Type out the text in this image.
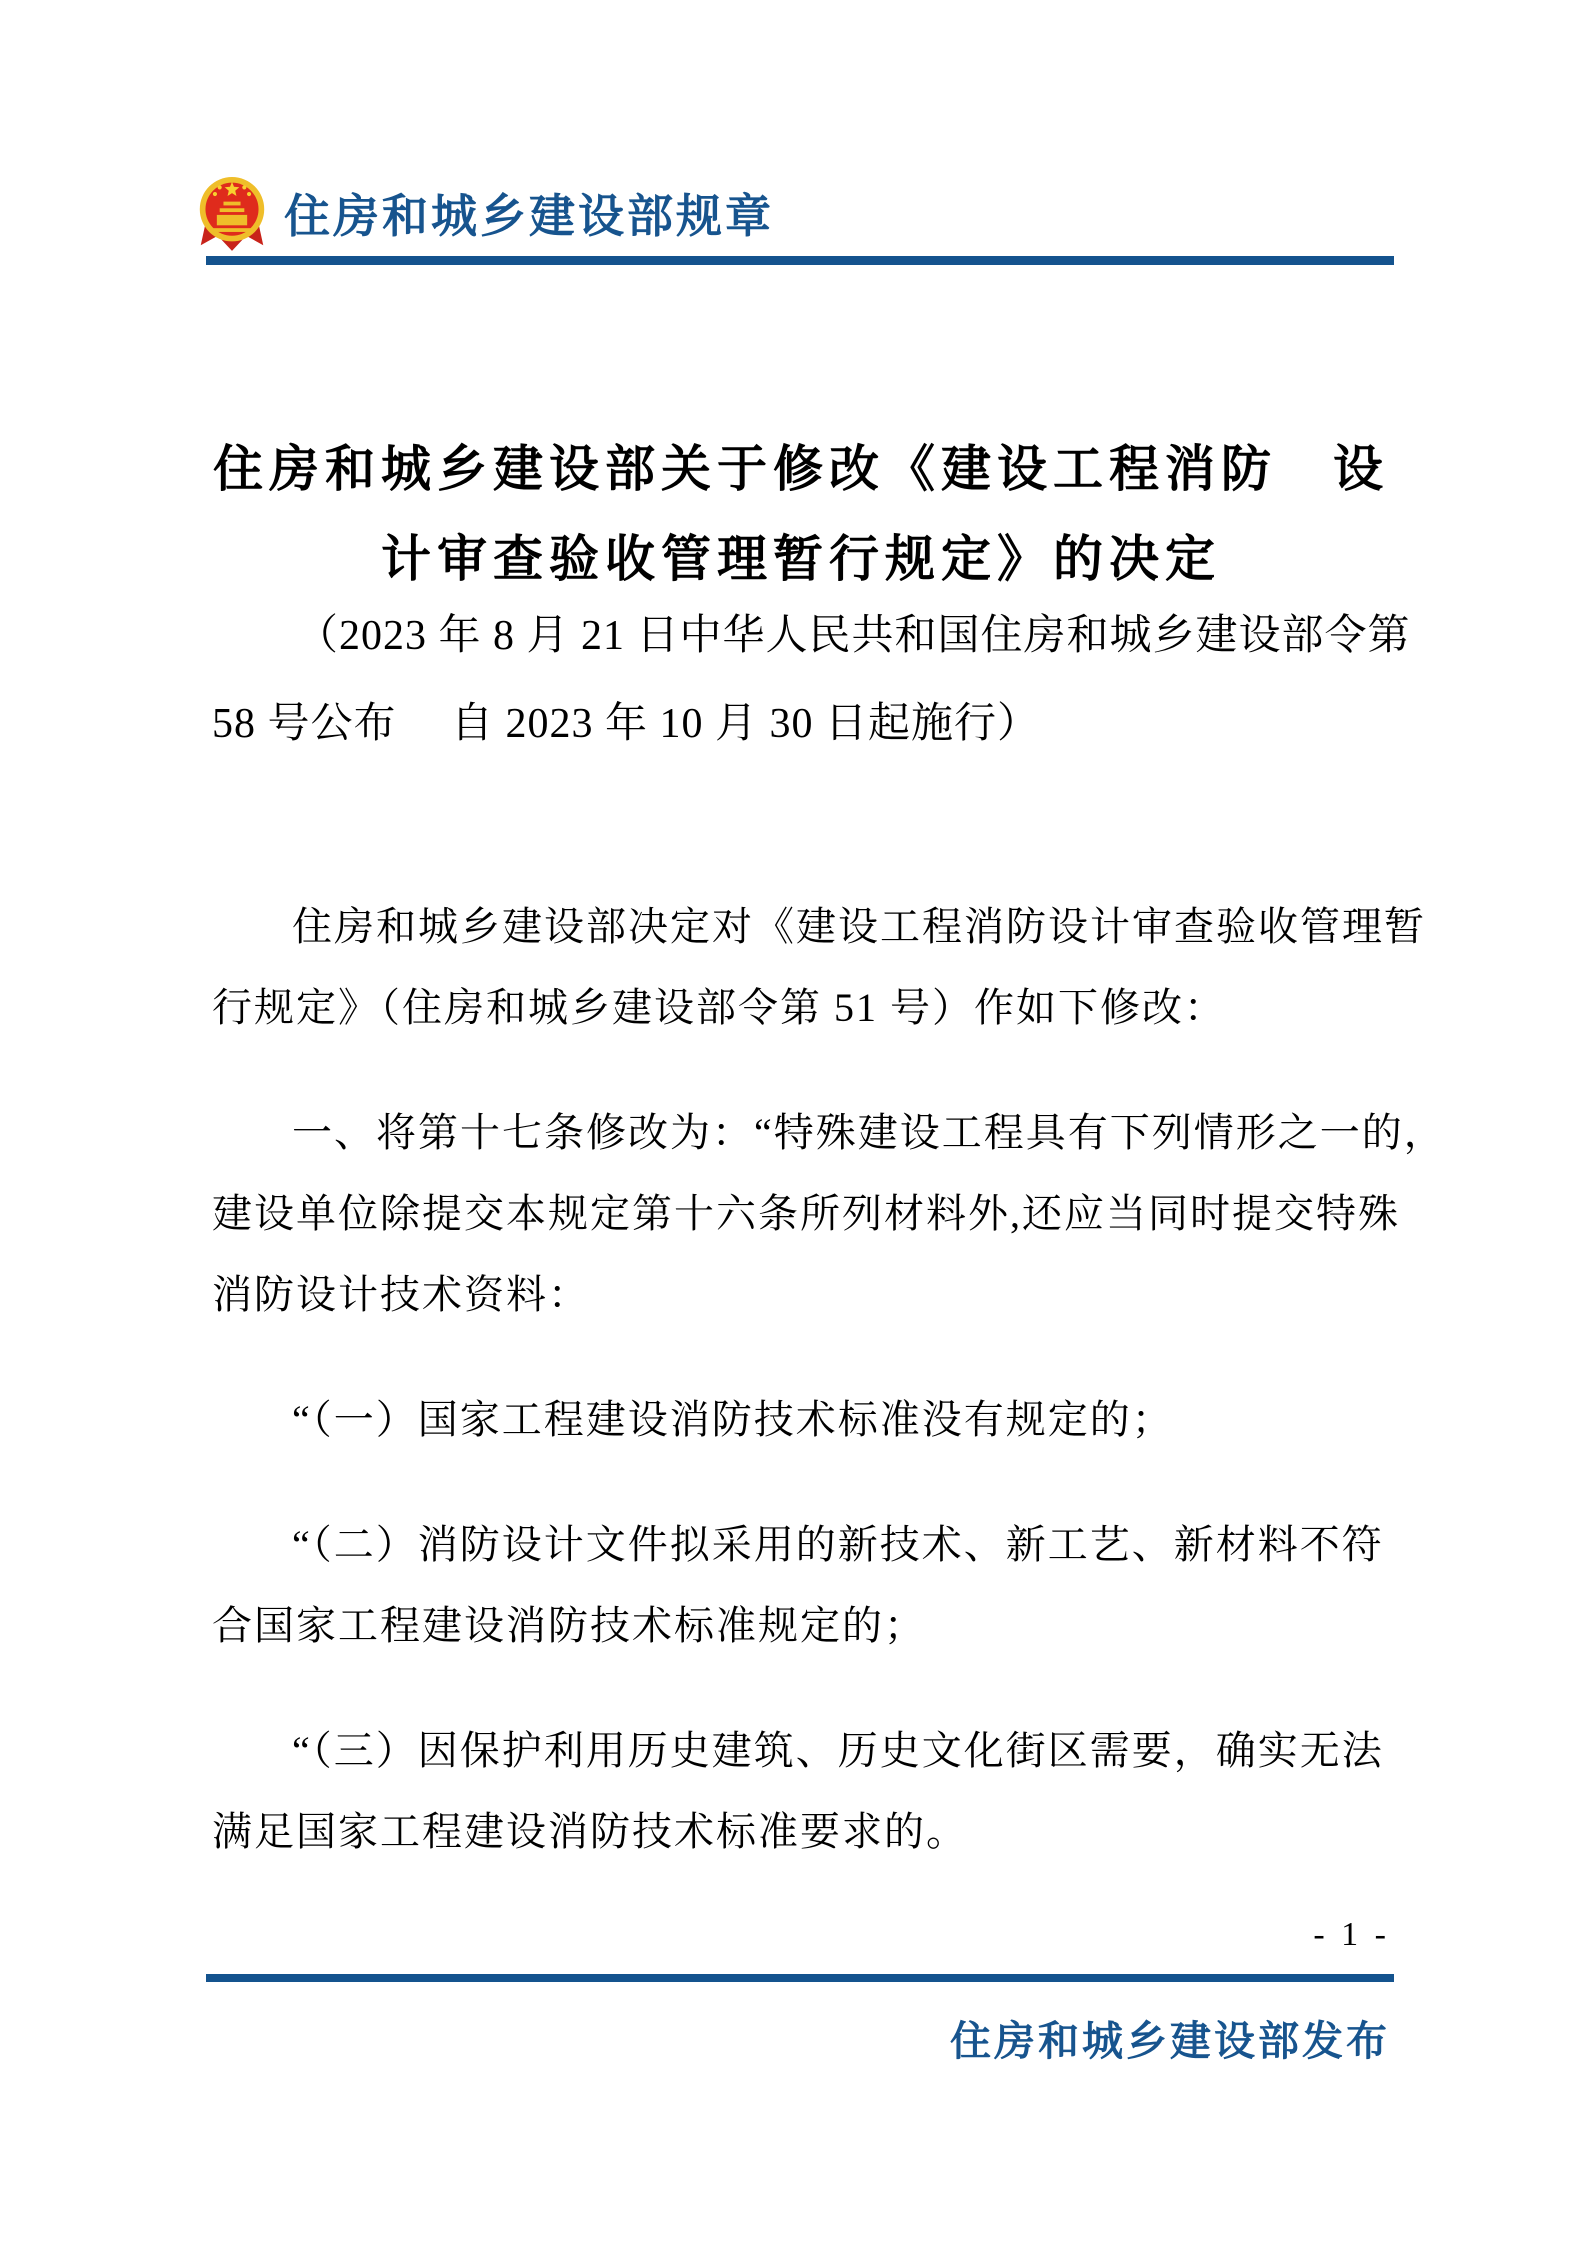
住房和城乡建设部规章
住房和城乡建设部关于修改《建设工程消防　设
计审查验收管理暂行规定》的决定
（2023 年 8 月 21 日中华人民共和国住房和城乡建设部令第
58 号公布　 自 2023 年 10 月 30 日起施行）
住房和城乡建设部决定对《建设工程消防设计审查验收管理暂
行规定》（住房和城乡建设部令第 51 号）作如下修改：
一、将第十七条修改为：“特殊建设工程具有下列情形之一的，
建设单位除提交本规定第十六条所列材料外,还应当同时提交特殊
消防设计技术资料：
“（一）国家工程建设消防技术标准没有规定的；
“（二）消防设计文件拟采用的新技术、新工艺、新材料不符
合国家工程建设消防技术标准规定的；
“（三）因保护利用历史建筑、历史文化街区需要，确实无法
满足国家工程建设消防技术标准要求的。
- 1 -
住房和城乡建设部发布
